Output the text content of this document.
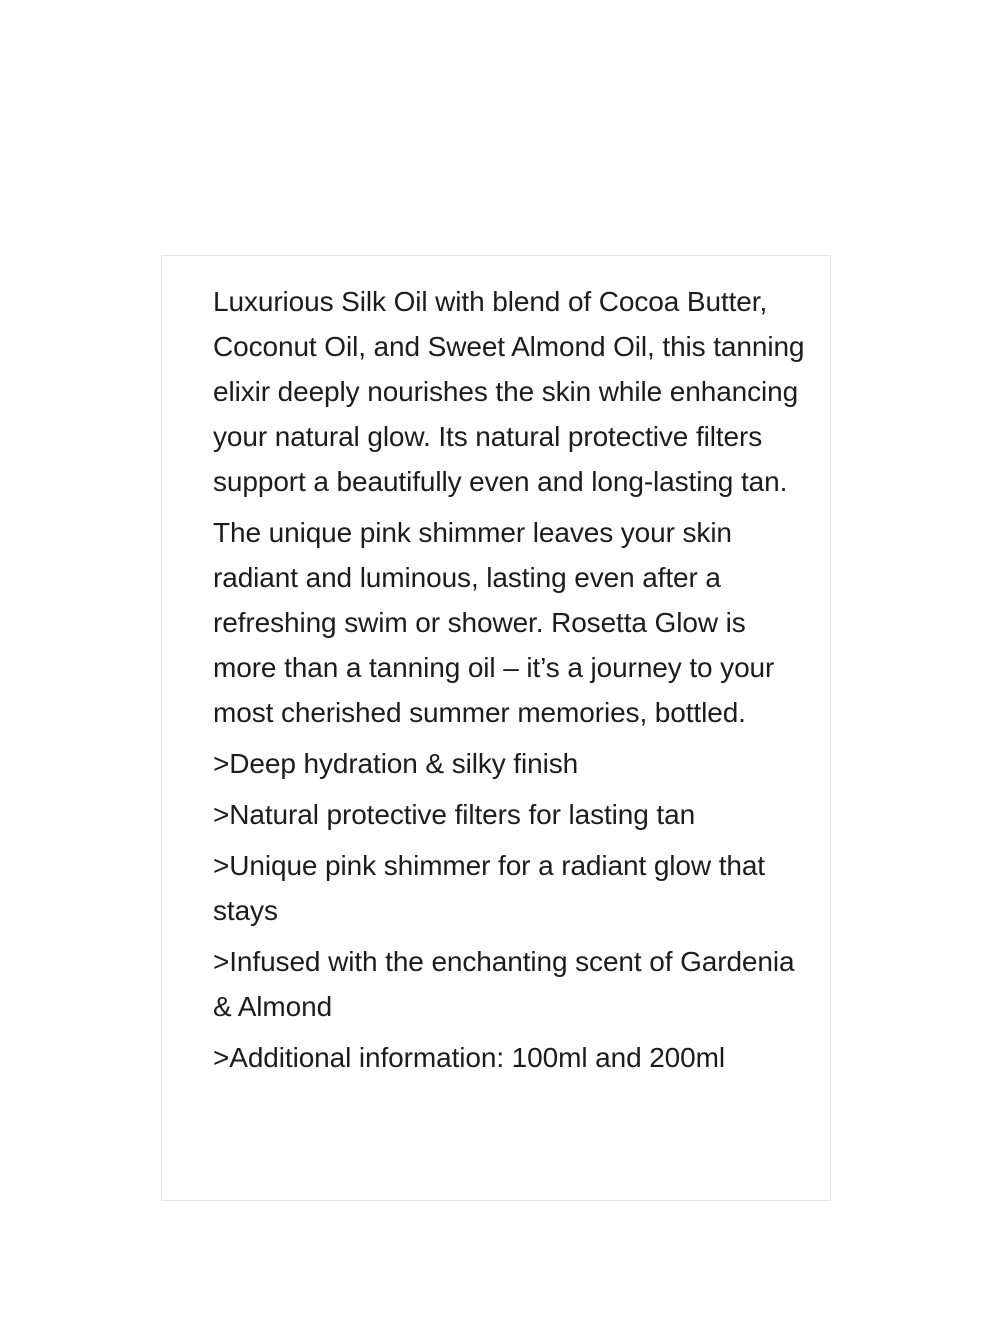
Luxurious Silk Oil with blend of Cocoa Butter, Coconut Oil, and Sweet Almond Oil, this tanning elixir deeply nourishes the skin while enhancing your natural glow. Its natural protective filters support a beautifully even and long-lasting tan.

The unique pink shimmer leaves your skin radiant and luminous, lasting even after a refreshing swim or shower. Rosetta Glow is more than a tanning oil – it’s a journey to your most cherished summer memories, bottled.

>Deep hydration & silky finish

>Natural protective filters for lasting tan

>Unique pink shimmer for a radiant glow that stays

>Infused with the enchanting scent of Gardenia & Almond

>Additional information: 100ml and 200ml
